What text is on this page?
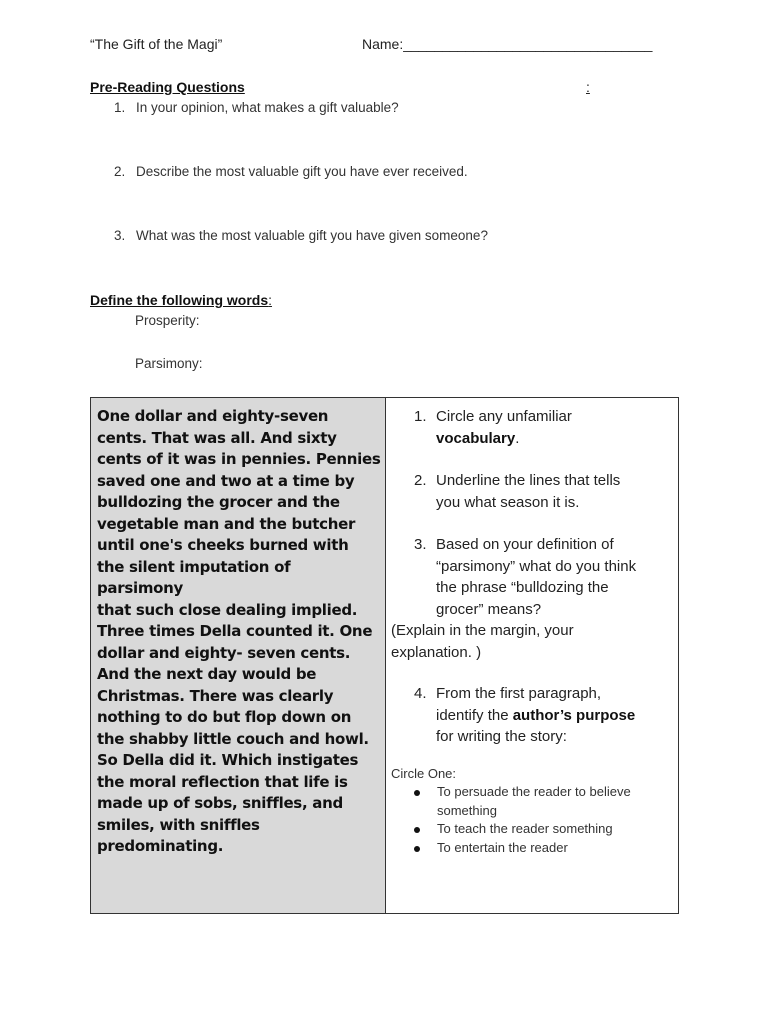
“The Gift of the Magi”	Name:________________________________
Pre-Reading Questions	:
1. In your opinion, what makes a gift valuable?
2. Describe the most valuable gift you have ever received.
3. What was the most valuable gift you have given someone?
Define the following words:
Prosperity:
Parsimony:
One dollar and eighty-seven
cents. That was all. And sixty
cents of it was in pennies. Pennies
saved one and two at a time by
bulldozing the grocer and the
vegetable man and the butcher
until one's cheeks burned with
the silent imputation of parsimony
that such close dealing implied.
Three times Della counted it. One
dollar and eighty- seven cents.
And the next day would be
Christmas. There was clearly
nothing to do but flop down on
the shabby little couch and howl.
So Della did it. Which instigates
the moral reflection that life is
made up of sobs, sniffles, and
smiles, with sniffles
predominating.
1. Circle any unfamiliar
vocabulary.
2. Underline the lines that tells
you what season it is.
3. Based on your definition of
“parsimony” what do you think
the phrase “bulldozing the
grocer” means?
(Explain in the margin, your
explanation. )
4. From the first paragraph,
identify the author’s purpose
for writing the story:
Circle One:
To persuade the reader to believe something
To teach the reader something
To entertain the reader
